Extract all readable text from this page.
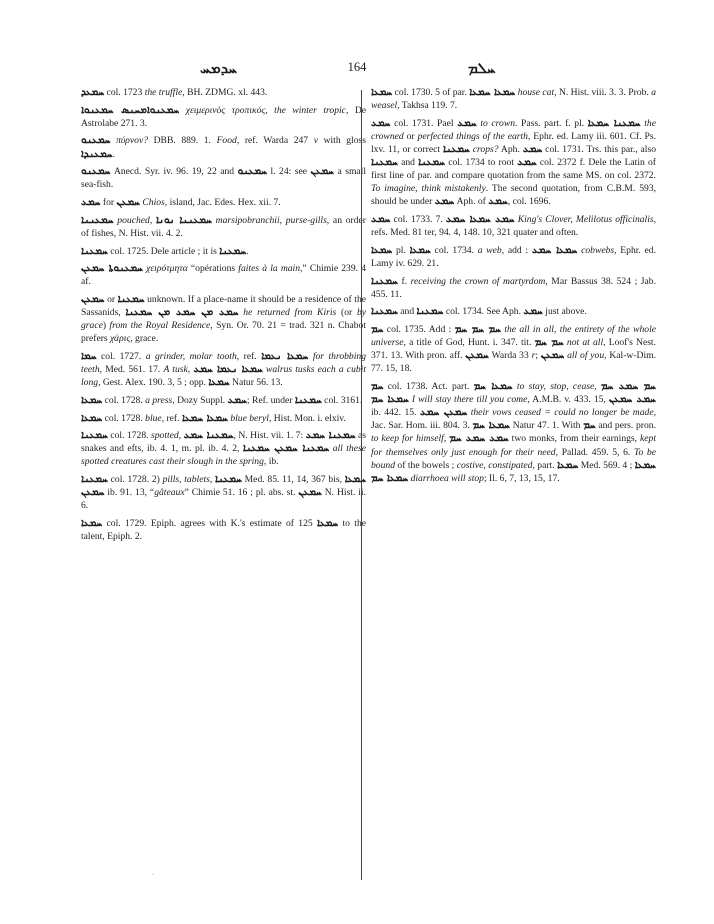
ܚܕܡܚ	164	ܚܠܡ

ܚܡܥܕ col. 1723 the truffle, BH. ZDMG. xl. 443.

ܚܡܥܢܘܐܡܚܢܣ ܚܡܥܢܘܐ χειμερινὸς τροπικός, the winter tropic, De Astrolabe 271. 3.

ܚܡܥܢܘ πύρνον? DBB. 889. 1. Food, ref. Warda 247 v with gloss ܚܡܥܢܕܐ.

ܚܡܥܢܘ Anecd. Syr. iv. 96. 19, 22 and ܚܡܥܢܘ l. 24: see ܚܡܥܢ a small sea-fish.

ܚܡܥ for ܚܡܥܢ Chios, island, Jac. Edes. Hex. xii. 7.

ܚܡܥܢܢܐ pouched, ܚܡܥܢܢܐ ܢܘܢܐ marsipobranchii, purse-gills, an order of fishes, N. Hist. vii. 4. 2.

ܚܡܥܢܐ col. 1725. Dele article ; it is ܚܡܥܢܐ.

ܚܡܥܢܘܬܐ ܚܡܥܢ χειρότμητα “opérations faites à la main,” Chimie 239. 4 af.

ܚܡܥܢ or ܚܡܥܢܐ unknown. If a place-name it should be a residence of the Sassanids, ܚܡܥ ܡܢ ܚܡܥ ܡܢ ܚܡܥܢܐ he returned from Kiris (or by grace) from the Royal Residence, Syn. Or. 70. 21 = trad. 321 n. Chabot prefers χάρις, grace.

ܚܡܐ col. 1727. a grinder, molar tooth, ref. ܚܡܥܐ ܢܥܡܐ for throbbing teeth, Med. 561. 17. A tusk, ܚܡܥܐ ܢܥܡܐ ܚܡܥ walrus tusks each a cubit long, Gest. Alex. 190. 3, 5 ; opp. ܚܡܥܐ Natur 56. 13.

ܚܡܥܐ col. 1728. a press, Dozy Suppl. ܚܡܥ; Ref. under ܚܡܥܢܐ col. 3161.

ܚܡܥܐ col. 1728. blue, ref. ܚܡܥܐ ܚܡܥܐ blue beryl, Hist. Mon. i. elxiv.

ܚܡܥܢܐ col. 1728. spotted, ܚܡܥܢܐ ܚܡܥ, N. Hist. vii. 1. 7: ܚܡܥܢܐ ܚܡܥ as snakes and efts, ib. 4. 1, m. pl. ib. 4. 2, ܚܡܥܢܐ ܚܡܥܢ ܚܡܥܢܐ all these spotted creatures cast their slough in the spring, ib.

ܚܡܥܢܐ col. 1728. 2) pills, tablets, ܚܡܥܢܐ Med. 85. 11, 14, 367 bis, ܚܡܥܐ ܚܡܥܢ ib. 91. 13, “gâteaux” Chimie 51. 16 ; pl. abs. st. ܚܡܥܢ N. Hist. ii. 6.

ܚܡܥܐ col. 1729. Epiph. agrees with K.'s estimate of 125 ܚܡܥܐ to the talent, Epiph. 2.

ܚܡܥܐ col. 1730. 5 of par. ܚܡܥܐ ܚܡܥܐ house cat, N. Hist. viii. 3. 3. Prob. a weasel, Takhsa 119. 7.

ܚܡܥ col. 1731. Pael ܚܡܥ to crown. Pass. part. f. pl. ܚܡܥܢܐ ܚܡܥܐ the crowned or perfected things of the earth, Ephr. ed. Lamy iii. 601. Cf. Ps. lxv. 11, or correct ܚܡܥܢܐ crops? Aph. ܚܡܥ col. 1731. Trs. this par., also ܚܡܥܢܐ and ܚܡܥܢܐ col. 1734 to root ܚܡܥ col. 2372 f. Dele the Latin of first line of par. and compare quotation from the same MS. on col. 2372. To imagine, think mistakenly. The second quotation, from C.B.M. 593, should be under ܚܡܥ Aph. of ܚܡܥ, col. 1696.

ܚܡܥ col. 1733. 7. ܚܡܥ ܚܡܥܐ ܚܡܥ King's Clover, Melilotus officinalis, refs. Med. 81 ter, 94. 4, 148. 10, 321 quater and often.

ܚܡܥܐ pl. ܚܡܥܐ col. 1734. a web, add : ܚܡܥܐ ܚܡܥ cobwebs, Ephr. ed. Lamy iv. 629. 21.

ܚܡܥܢܐ f. receiving the crown of martyrdom, Mar Bassus 38. 524 ; Jab. 455. 11.

ܚܡܥܢܐ and ܚܡܥܢܐ col. 1734. See Aph. ܚܡܥ just above.

ܚܡ col. 1735. Add : ܚܡ ܚܡ ܚܡ the all in all, the entirety of the whole universe, a title of God, Hunt. i. 347. tit. ܚܡ ܚܡ not at all, Loof's Nest. 371. 13. With pron. aff. ܚܡܥܢ Warda 33 r; ܚܡܥܢ all of you, Kal-w-Dim. 77. 15, 18.

ܚܡ col. 1738. Act. part. ܚܡܥܐ ܚܡ to stay, stop, cease, ܚܡ ܚܡܥ ܚܡ ܚܡܥܐ ܚܡ I will stay there till you come, A.M.B. v. 433. 15, ܚܡܥ ܚܡܥܢ ib. 442. 15. ܚܡܥܢ ܚܡܥ their vows ceased = could no longer be made, Jac. Sar. Hom. iii. 804. 3. ܚܡܥܐ ܚܡ Natur 47. 1. With ܚܡ and pers. pron. to keep for himself, ܚܡܥ ܚܡܥ ܚܡ two monks, from their earnings, kept for themselves only just enough for their need, Pallad. 459. 5, 6. To be bound of the bowels ; costive, constipated, part. ܚܡܥܐ Med. 569. 4 ; ܚܡܥܐ ܚܡܥܐ ܚܡ diarrhoea will stop; Il. 6, 7, 13, 15, 17.

·
